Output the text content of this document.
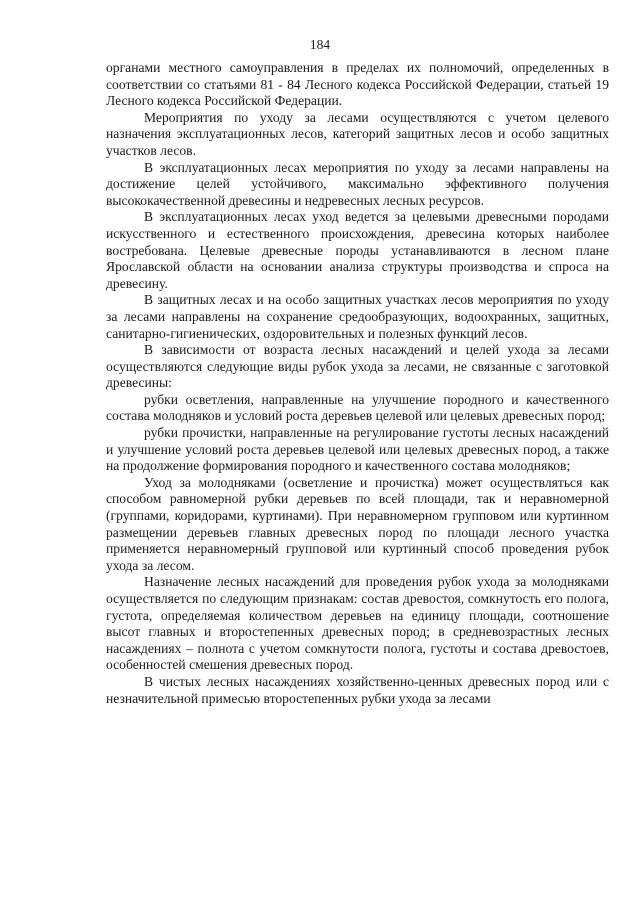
184

органами местного самоуправления в пределах их полномочий, определенных в соответствии со статьями 81 - 84 Лесного кодекса Российской Федерации, статьей 19 Лесного кодекса Российской Федерации.

Мероприятия по уходу за лесами осуществляются с учетом целевого назначения эксплуатационных лесов, категорий защитных лесов и особо защитных участков лесов.

В эксплуатационных лесах мероприятия по уходу за лесами направлены на достижение целей устойчивого, максимально эффективного получения высококачественной древесины и недревесных лесных ресурсов.

В эксплуатационных лесах уход ведется за целевыми древесными породами искусственного и естественного происхождения, древесина которых наиболее востребована. Целевые древесные породы устанавливаются в лесном плане Ярославской области на основании анализа структуры производства и спроса на древесину.

В защитных лесах и на особо защитных участках лесов мероприятия по уходу за лесами направлены на сохранение средообразующих, водоохранных, защитных, санитарно-гигиенических, оздоровительных и полезных функций лесов.

В зависимости от возраста лесных насаждений и целей ухода за лесами осуществляются следующие виды рубок ухода за лесами, не связанные с заготовкой древесины:

рубки осветления, направленные на улучшение породного и качественного состава молодняков и условий роста деревьев целевой или целевых древесных пород;

рубки прочистки, направленные на регулирование густоты лесных насаждений и улучшение условий роста деревьев целевой или целевых древесных пород, а также на продолжение формирования породного и качественного состава молодняков;

Уход за молодняками (осветление и прочистка) может осуществляться как способом равномерной рубки деревьев по всей площади, так и неравномерной (группами, коридорами, куртинами). При неравномерном групповом или куртинном размещении деревьев главных древесных пород по площади лесного участка применяется неравномерный групповой или куртинный способ проведения рубок ухода за лесом.

Назначение лесных насаждений для проведения рубок ухода за молодняками осуществляется по следующим признакам: состав древостоя, сомкнутость его полога, густота, определяемая количеством деревьев на единицу площади, соотношение высот главных и второстепенных древесных пород; в средневозрастных лесных насаждениях – полнота с учетом сомкнутости полога, густоты и состава древостоев, особенностей смешения древесных пород.

В чистых лесных насаждениях хозяйственно-ценных древесных пород или с незначительной примесью второстепенных рубки ухода за лесами
